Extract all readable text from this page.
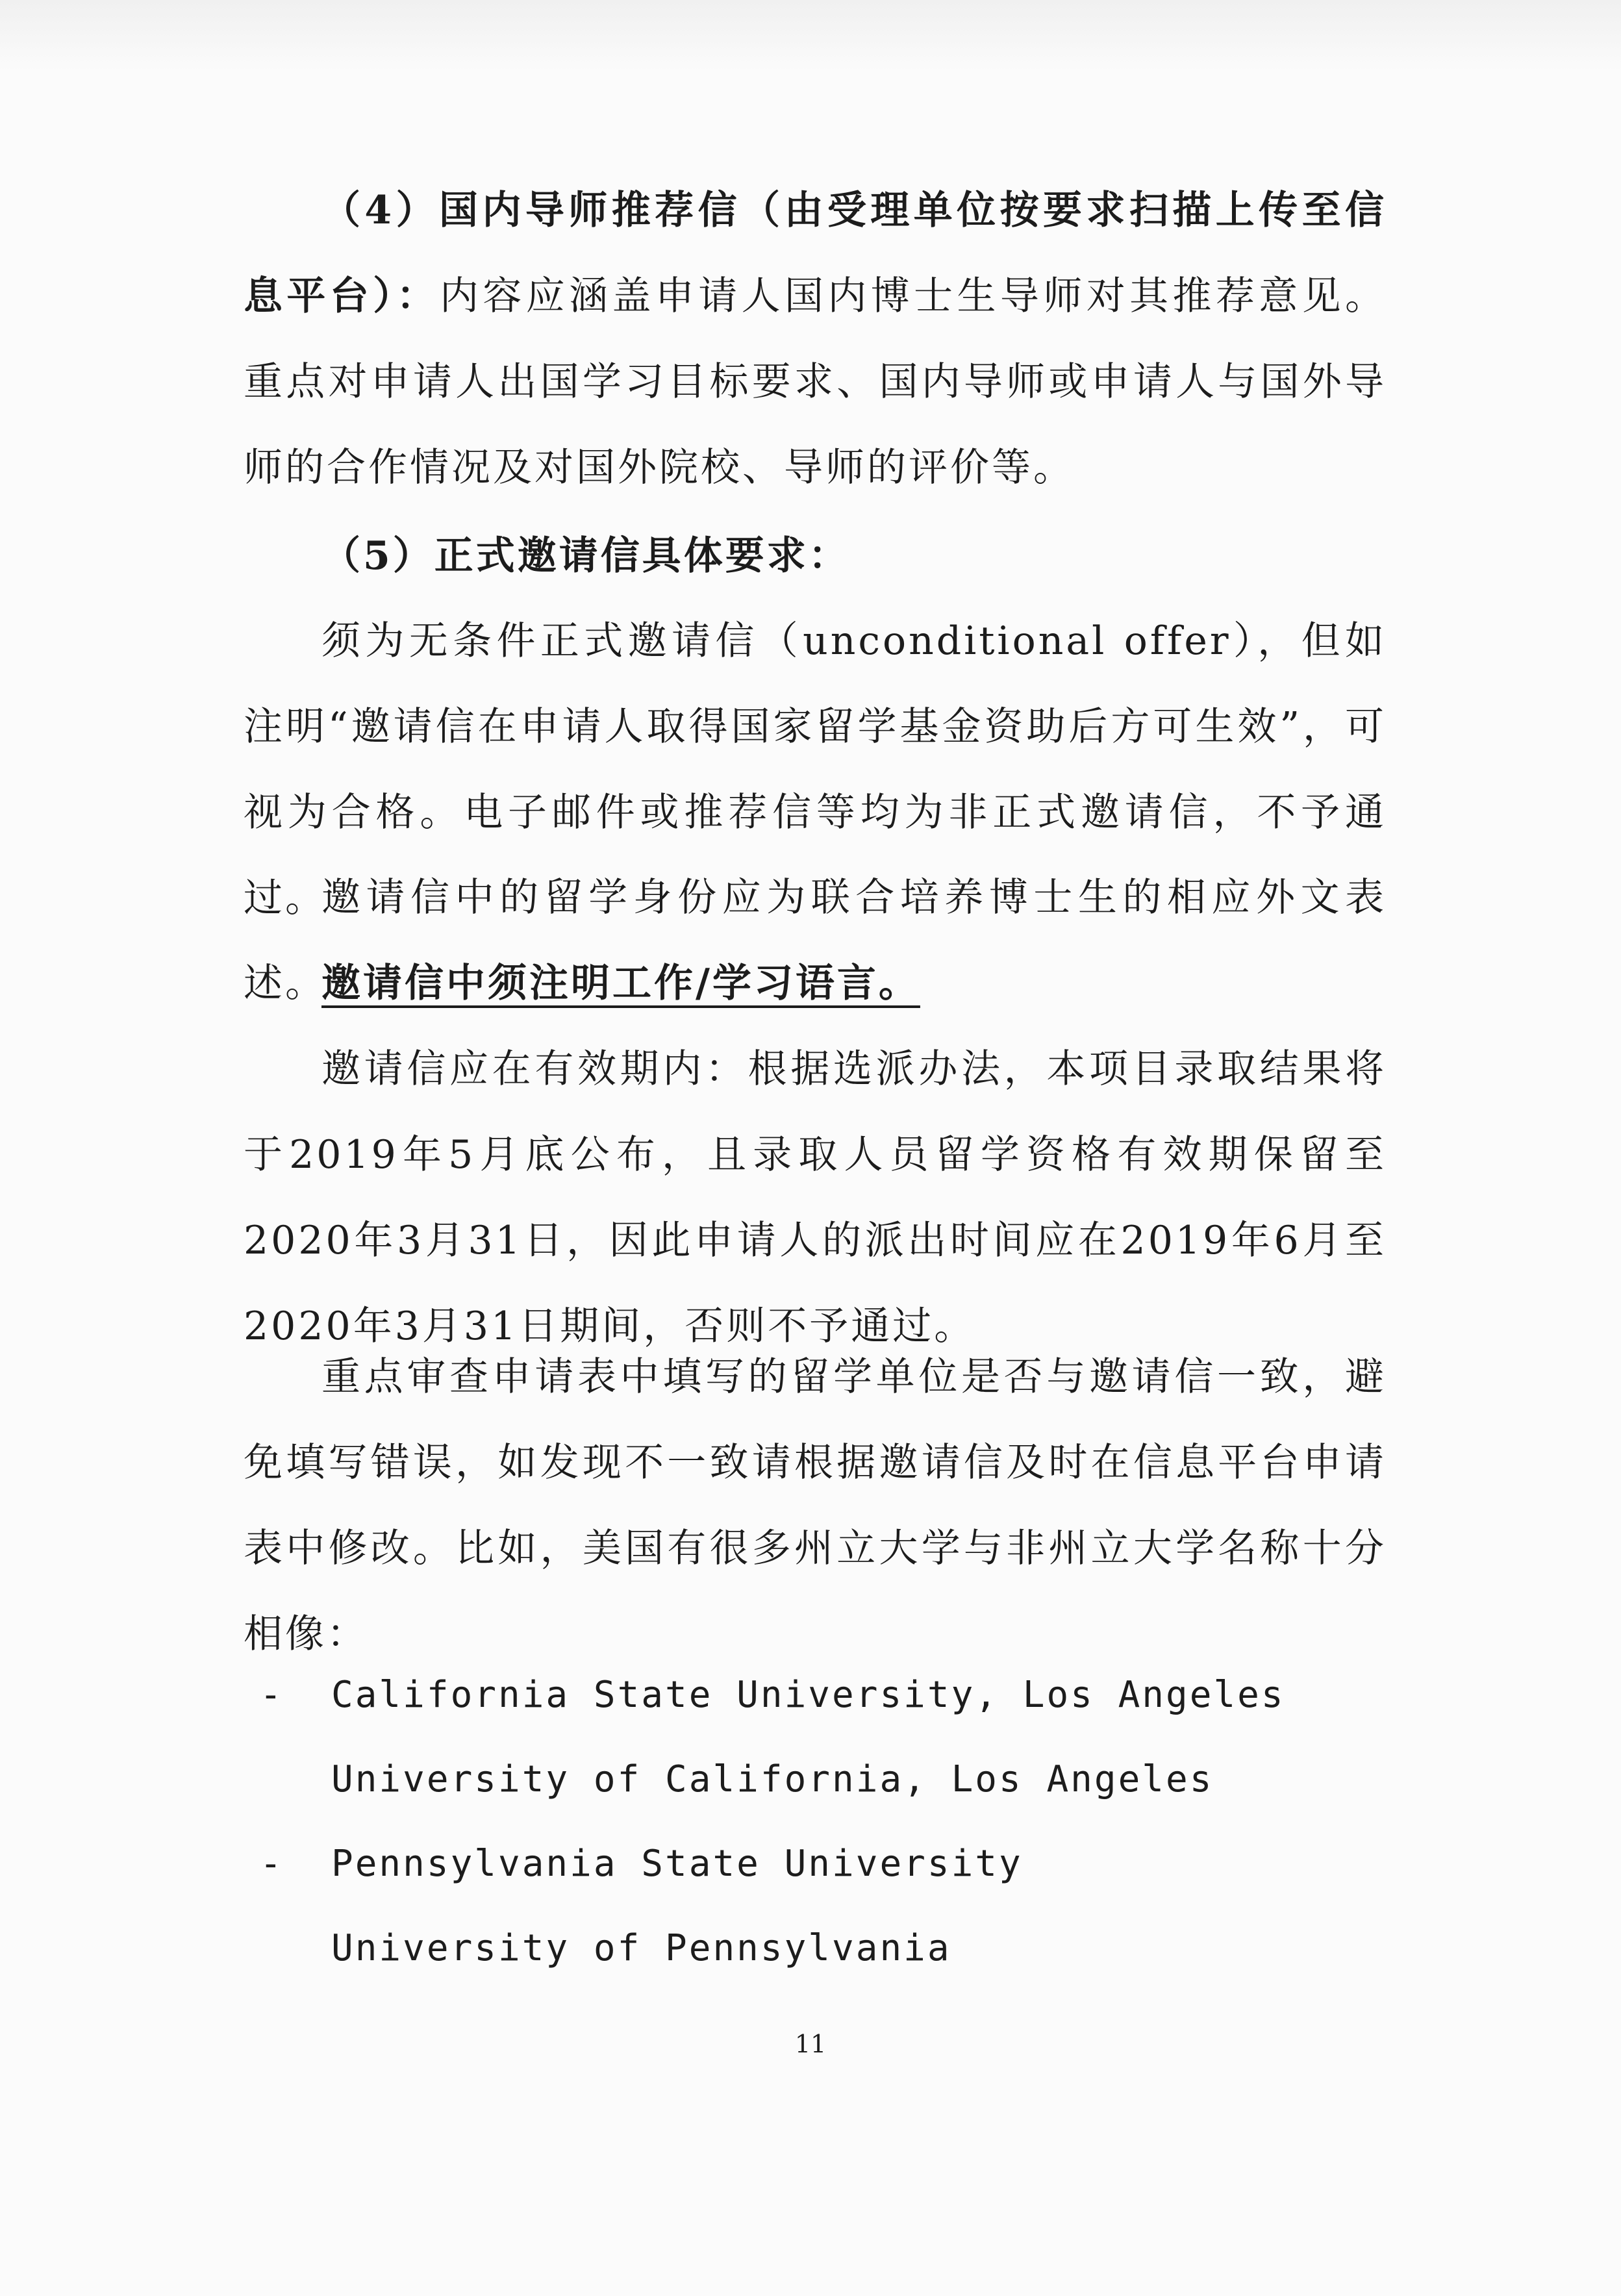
（4）国内导师推荐信（由受理单位按要求扫描上传至信息平台）：内容应涵盖申请人国内博士生导师对其推荐意见。重点对申请人出国学习目标要求、国内导师或申请人与国外导师的合作情况及对国外院校、导师的评价等。
（5）正式邀请信具体要求：
须为无条件正式邀请信（unconditional offer），但如注明“邀请信在申请人取得国家留学基金资助后方可生效”，可视为合格。电子邮件或推荐信等均为非正式邀请信，不予通过。
邀请信中的留学身份应为联合培养博士生的相应外文表述。
邀请信中须注明工作/学习语言。
邀请信应在有效期内：根据选派办法，本项目录取结果将于2019年5月底公布，且录取人员留学资格有效期保留至2020年3月31日，因此申请人的派出时间应在2019年6月至2020年3月31日期间，否则不予通过。
重点审查申请表中填写的留学单位是否与邀请信一致，避免填写错误，如发现不一致请根据邀请信及时在信息平台申请表中修改。比如，美国有很多州立大学与非州立大学名称十分相像：
- California State University, Los Angeles
University of California, Los Angeles
- Pennsylvania State University
University of Pennsylvania
11
